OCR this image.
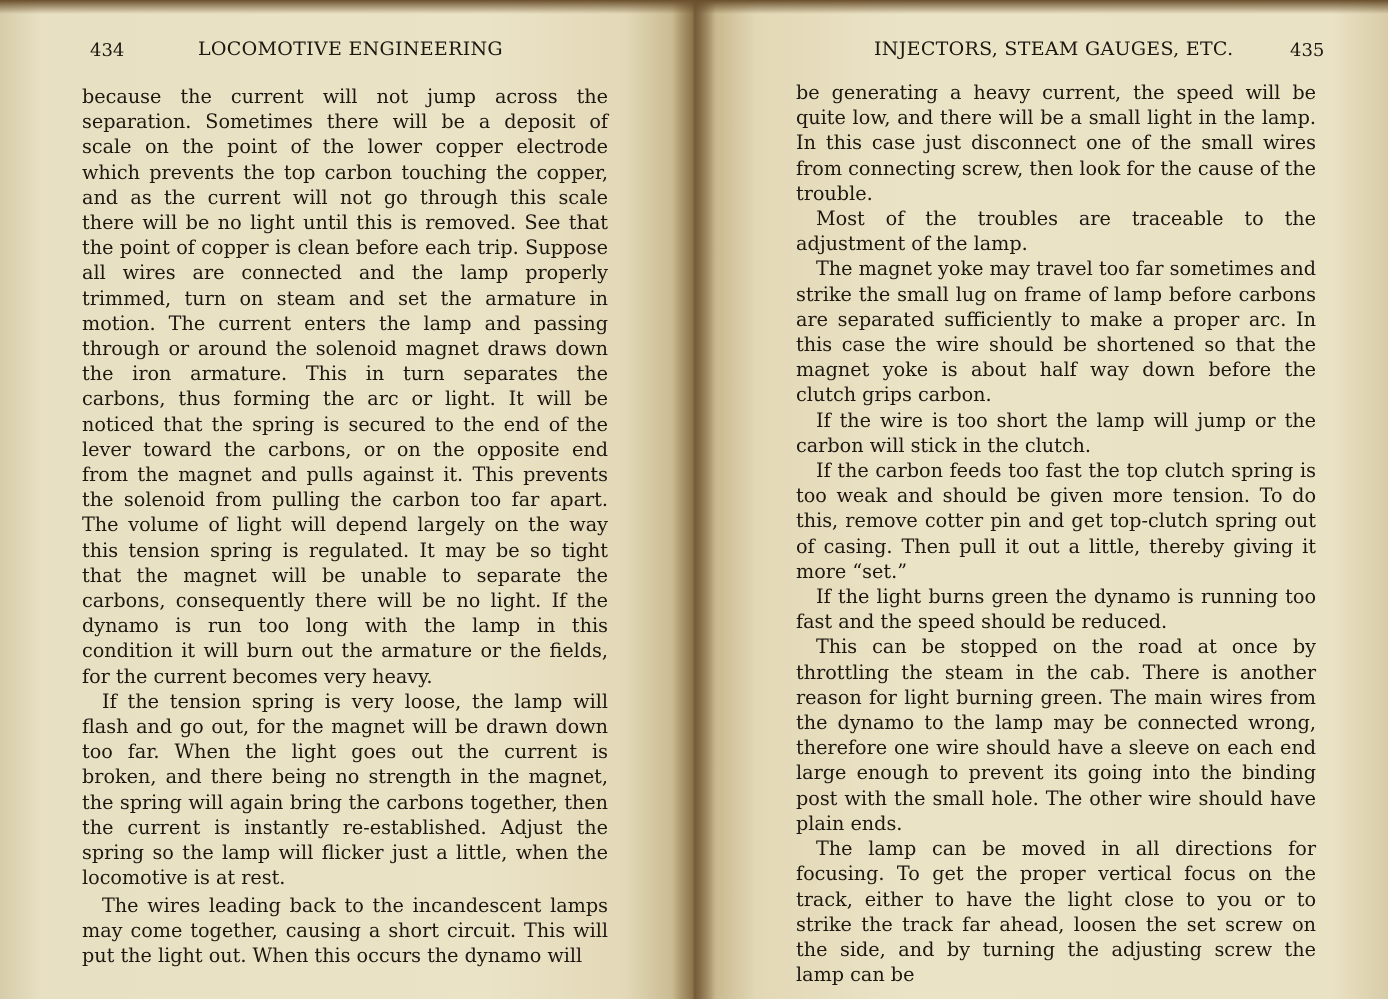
434	LOCOMOTIVE ENGINEERING

because the current will not jump across the separation. Sometimes there will be a deposit of scale on the point of the lower copper electrode which prevents the top carbon touching the copper, and as the current will not go through this scale there will be no light until this is removed. See that the point of copper is clean before each trip. Suppose all wires are connected and the lamp properly trimmed, turn on steam and set the armature in motion. The current enters the lamp and passing through or around the solenoid magnet draws down the iron armature. This in turn separates the carbons, thus forming the arc or light. It will be noticed that the spring is secured to the end of the lever toward the carbons, or on the opposite end from the magnet and pulls against it. This prevents the solenoid from pulling the carbon too far apart. The volume of light will depend largely on the way this tension spring is regulated. It may be so tight that the magnet will be unable to separate the carbons, consequently there will be no light. If the dynamo is run too long with the lamp in this condition it will burn out the armature or the fields, for the current becomes very heavy.

If the tension spring is very loose, the lamp will flash and go out, for the magnet will be drawn down too far. When the light goes out the current is broken, and there being no strength in the magnet, the spring will again bring the carbons together, then the current is instantly re-established. Adjust the spring so the lamp will flicker just a little, when the locomotive is at rest.

The wires leading back to the incandescent lamps may come together, causing a short circuit. This will put the light out. When this occurs the dynamo will

INJECTORS, STEAM GAUGES, ETC.	435

be generating a heavy current, the speed will be quite low, and there will be a small light in the lamp. In this case just disconnect one of the small wires from connecting screw, then look for the cause of the trouble.

Most of the troubles are traceable to the adjustment of the lamp.

The magnet yoke may travel too far sometimes and strike the small lug on frame of lamp before carbons are separated sufficiently to make a proper arc. In this case the wire should be shortened so that the magnet yoke is about half way down before the clutch grips carbon.

If the wire is too short the lamp will jump or the carbon will stick in the clutch.

If the carbon feeds too fast the top clutch spring is too weak and should be given more tension. To do this, remove cotter pin and get top-clutch spring out of casing. Then pull it out a little, thereby giving it more “set.”

If the light burns green the dynamo is running too fast and the speed should be reduced.

This can be stopped on the road at once by throttling the steam in the cab. There is another reason for light burning green. The main wires from the dynamo to the lamp may be connected wrong, therefore one wire should have a sleeve on each end large enough to prevent its going into the binding post with the small hole. The other wire should have plain ends.

The lamp can be moved in all directions for focusing. To get the proper vertical focus on the track, either to have the light close to you or to strike the track far ahead, loosen the set screw on the side, and by turning the adjusting screw the lamp can be
